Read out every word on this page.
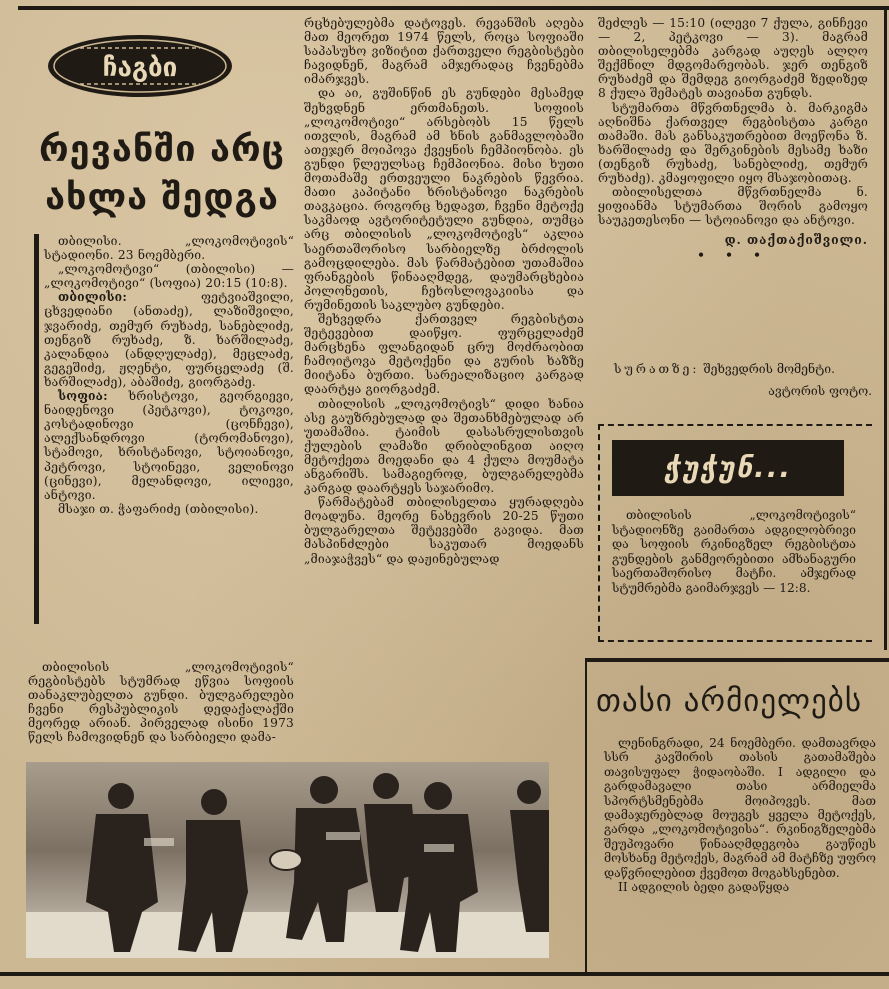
ჩაგბი
რევანში არც
ახლა შედგა

თბილისი. „ლოკომოტივის“ სტადიონი. 23 ნოემბერი.

„ლოკომოტივი“ (თბილისი) — „ლოკომოტივი“ (სოფია) 20:15 (10:8).

თბილისი: ფეტვიაშვილი, ცხვედიანი (ანთაძე), ლაზიშვილი, ჯვარიძე, თემურ რუხაძე, სანებლიძე, თენგიზ რუხაძე, ზ. ხარშილაძე, კალანდია (ანდღულაძე), მეცლაძე, გეგეშიძე, ჟღენტი, ფურცელაძე (შ. ხარშილაძე), აბაშიძე, გიორგაძე.

სოფია: ხრისტოვი, გეორგიევი, ნაიდენოვი (პეტკოვი), ტოკოვი, კოსტადინოვი (ცონჩევი), ალექსანდროვი (ტორომანოვი), სტამოვი, ხრისტანოვი, სტოიანოვი, პეტროვი, სტოინევი, ველინოვი (ცინევი), მელანდოვი, ილიევი, ანტოვი.

მსაჯი თ. ჭაფარიძე (თბილისი).

თბილისის „ლოკომოტივის“ რეგბისტებს სტუმრად ეწვია სოფიის თანაკლუბელთა გუნდი. ბულგარელები ჩვენი რესპუბლიკის დედაქალაქში მეორედ არიან. პირველად ისინი 1973 წელს ჩამოვიდნენ და სარბიელი დამა-

რცხებულებმა დატოვეს. რევანშის აღება მათ მეორეთ 1974 წელს, როცა სოფიაში საპასუხო ვიზიტით ქართველი რეგბისტები ჩავიდნენ, მაგრამ ამჯერადაც ჩვენებმა იმარჯვეს.

და აი, გუშინწინ ეს გუნდები მესამედ შეხვდნენ ერთმანეთს. სოფიის „ლოკომოტივი“ არსებობს 15 წელს ითვლის, მაგრამ ამ ხნის განმავლობაში ათეჯერ მოიპოვა ქვეყნის ჩემპიონობა. ეს გუნდი წლეულსაც ჩემპიონია. მისი ხუთი მოთამაშე ერთვეული ნაკრების წევრია. მათი კაპიტანი ხრისტანოვი ნაკრების თავკაცია. როგორც ხედავთ, ჩვენი მეტოქე საკმაოდ ავტორიტეტული გუნდია, თუმცა არც თბილისის „ლოკომოტივს“ აკლია საერთაშორისო სარბიელზე ბრძოლის გამოცდილება. მას წარმატებით უთამაშია ფრანგების წინააღმდეგ, დაუმარცხებია პოლონეთის, ჩეხოსლოვაკიისა და რუმინეთის საკლუბო გუნდები.

შეხვედრა ქართველ რეგბისტთა შეტევებით დაიწყო. ფურცელაძემ მარცხენა ფლანგიდან ცრუ მოძრაობით ჩამოიტოვა მეტოქენი და გურის ხაზზე მიიტანა ბურთი. სარეალიზაციო კარგად დაარტყა გიორგაძემ.

თბილისის „ლოკომოტივს“ დიდი ხანია ასე გაუზრებულად და შეთანხმებულად არ უთამაშია. ტაიმის დასასრულისთვის ქულების ლამაზი დრიბლინგით აიღო მეტოქეთა მოედანი და 4 ქულა მოუმატა ანგარიშს. სამაგიეროდ, ბულგარელებმა კარგად დაარტყეს საჯარიმო.

წარმატებამ თბილისელთა ყურადღება მოადუნა. მეორე ნახევრის 20-25 წუთი ბულგარელთა შეტევებში გავიდა. მათ მასპინძლები საკუთარ მოედანს „მიაჯაჭვეს“ და დაჟინებულად

შეძლეს — 15:10 (ილევი 7 ქულა, გინჩევი — 2, პეტკოვი — 3). მაგრამ თბილისელებმა კარგად აუღეს ალღო შექმნილ მდგომარეობას. ჯერ თენგიზ რუხაძემ და შემდეგ გიორგაძემ ზედიზედ 8 ქულა შემატეს თავიანთ გუნდს.

სტუმართა მწვრთნელმა ბ. მარკიგმა აღნიშნა ქართველ რეგბისტთა კარგი თამაში. მას განსაკუთრებით მოეწონა ზ. ხარშილაძე და შერკინების მესამე ხაზი (თენგიზ რუხაძე, სანებლიძე, თემურ რუხაძე). კმაყოფილი იყო მსაჯობითაც.

თბილისელთა მწვრთნელმა ნ. ყიფიანმა სტუმართა შორის გამოყო საუკეთესონი — სტოიანოვი და ანტოვი.

დ. თაქთაქიშვილი.
• • •
სურათზე: შეხვედრის მომენტი.
ავტორის ფოტო.
ჭუჭუნ...

თბილისის „ლოკომოტივის“ სტადიონზე გაიმართა ადგილობრივი და სოფიის რკინიგზელ რეგბისტთა გუნდების განმეორებითი ამხანაგური საერთაშორისო მატჩი. ამჯერად სტუმრებმა გაიმარჯვეს — 12:8.

თასი არმიელებს

ლენინგრადი, 24 ნოემბერი. დამთავრდა სსრ კავშირის თასის გათამაშება თავისუფალ ჭიდაობაში. I ადგილი და გარდამავალი თასი არმიელმა სპორტსმენებმა მოიპოვეს. მათ დამაჯერებლად მოუგეს ყველა მეტოქეს, გარდა „ლოკომოტივისა“. რკინიგზელებმა შეუპოვარი წინააღმდეგობა გაუწიეს მოსხანე მეტოქეს, მაგრამ ამ მატჩზე უფრო დაწვრილებით ქვემოთ მოგახსენებთ.

II ადგილის ბედი გადაწყდა
